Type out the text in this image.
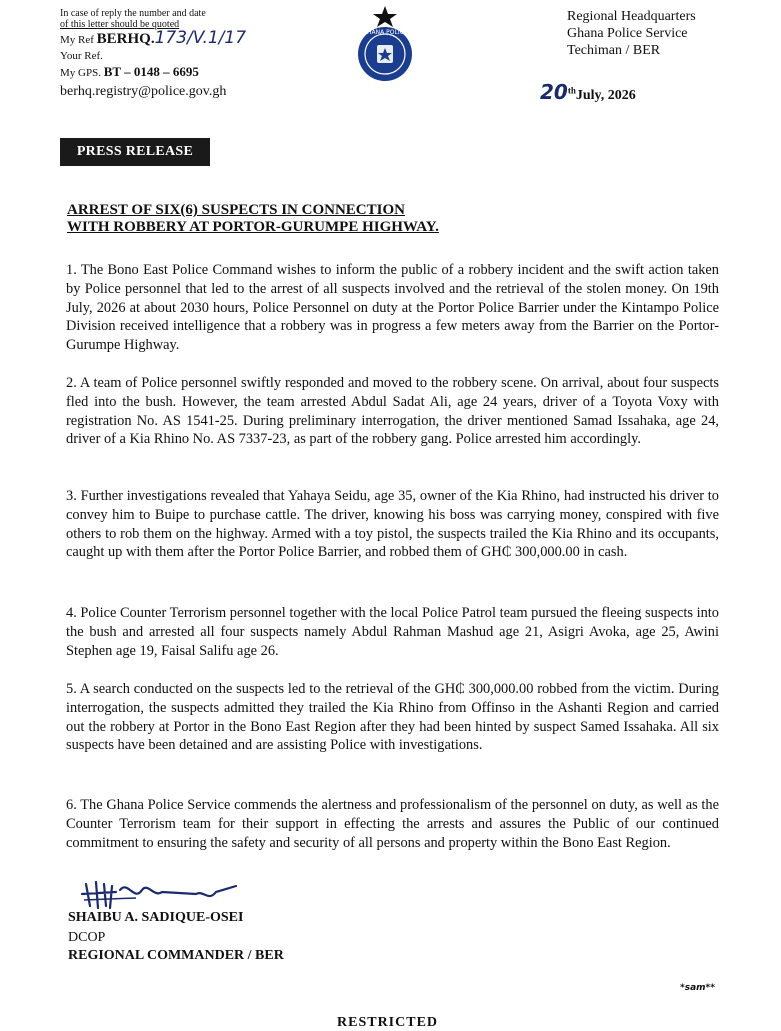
In case of reply the number and date
of this letter should be quoted
My Ref BERHQ.173/V.1/17
Your Ref.
My GPS. BT – 0148 – 6695
berhq.registry@police.gov.gh
GHANA POLICE
Regional Headquarters
Ghana Police Service
Techiman / BER
20thJuly, 2026
PRESS RELEASE
ARREST OF SIX(6) SUSPECTS IN CONNECTION
WITH ROBBERY AT PORTOR-GURUMPE HIGHWAY.

1. The Bono East Police Command wishes to inform the public of a robbery incident and the swift action taken by Police personnel that led to the arrest of all suspects involved and the retrieval of the stolen money. On 19th July, 2026 at about 2030 hours, Police Personnel on duty at the Portor Police Barrier under the Kintampo Police Division received intelligence that a robbery was in progress a few meters away from the Barrier on the Portor-Gurumpe Highway.

2. A team of Police personnel swiftly responded and moved to the robbery scene. On arrival, about four suspects fled into the bush. However, the team arrested Abdul Sadat Ali, age 24 years, driver of a Toyota Voxy with registration No. AS 1541-25. During preliminary interrogation, the driver mentioned Samad Issahaka, age 24, driver of a Kia Rhino No. AS 7337-23, as part of the robbery gang. Police arrested him accordingly.

3. Further investigations revealed that Yahaya Seidu, age 35, owner of the Kia Rhino, had instructed his driver to convey him to Buipe to purchase cattle. The driver, knowing his boss was carrying money, conspired with five others to rob them on the highway. Armed with a toy pistol, the suspects trailed the Kia Rhino and its occupants, caught up with them after the Portor Police Barrier, and robbed them of GH₵ 300,000.00 in cash.

4. Police Counter Terrorism personnel together with the local Police Patrol team pursued the fleeing suspects into the bush and arrested all four suspects namely Abdul Rahman Mashud age 21, Asigri Avoka, age 25, Awini Stephen age 19, Faisal Salifu age 26.

5. A search conducted on the suspects led to the retrieval of the GH₵ 300,000.00 robbed from the victim. During interrogation, the suspects admitted they trailed the Kia Rhino from Offinso in the Ashanti Region and carried out the robbery at Portor in the Bono East Region after they had been hinted by suspect Samed Issahaka. All six suspects have been detained and are assisting Police with investigations.

6. The Ghana Police Service commends the alertness and professionalism of the personnel on duty, as well as the Counter Terrorism team for their support in effecting the arrests and assures the Public of our continued commitment to ensuring the safety and security of all persons and property within the Bono East Region.

SHAIBU A. SADIQUE-OSEI
DCOP
REGIONAL COMMANDER / BER
*sam**
RESTRICTED
